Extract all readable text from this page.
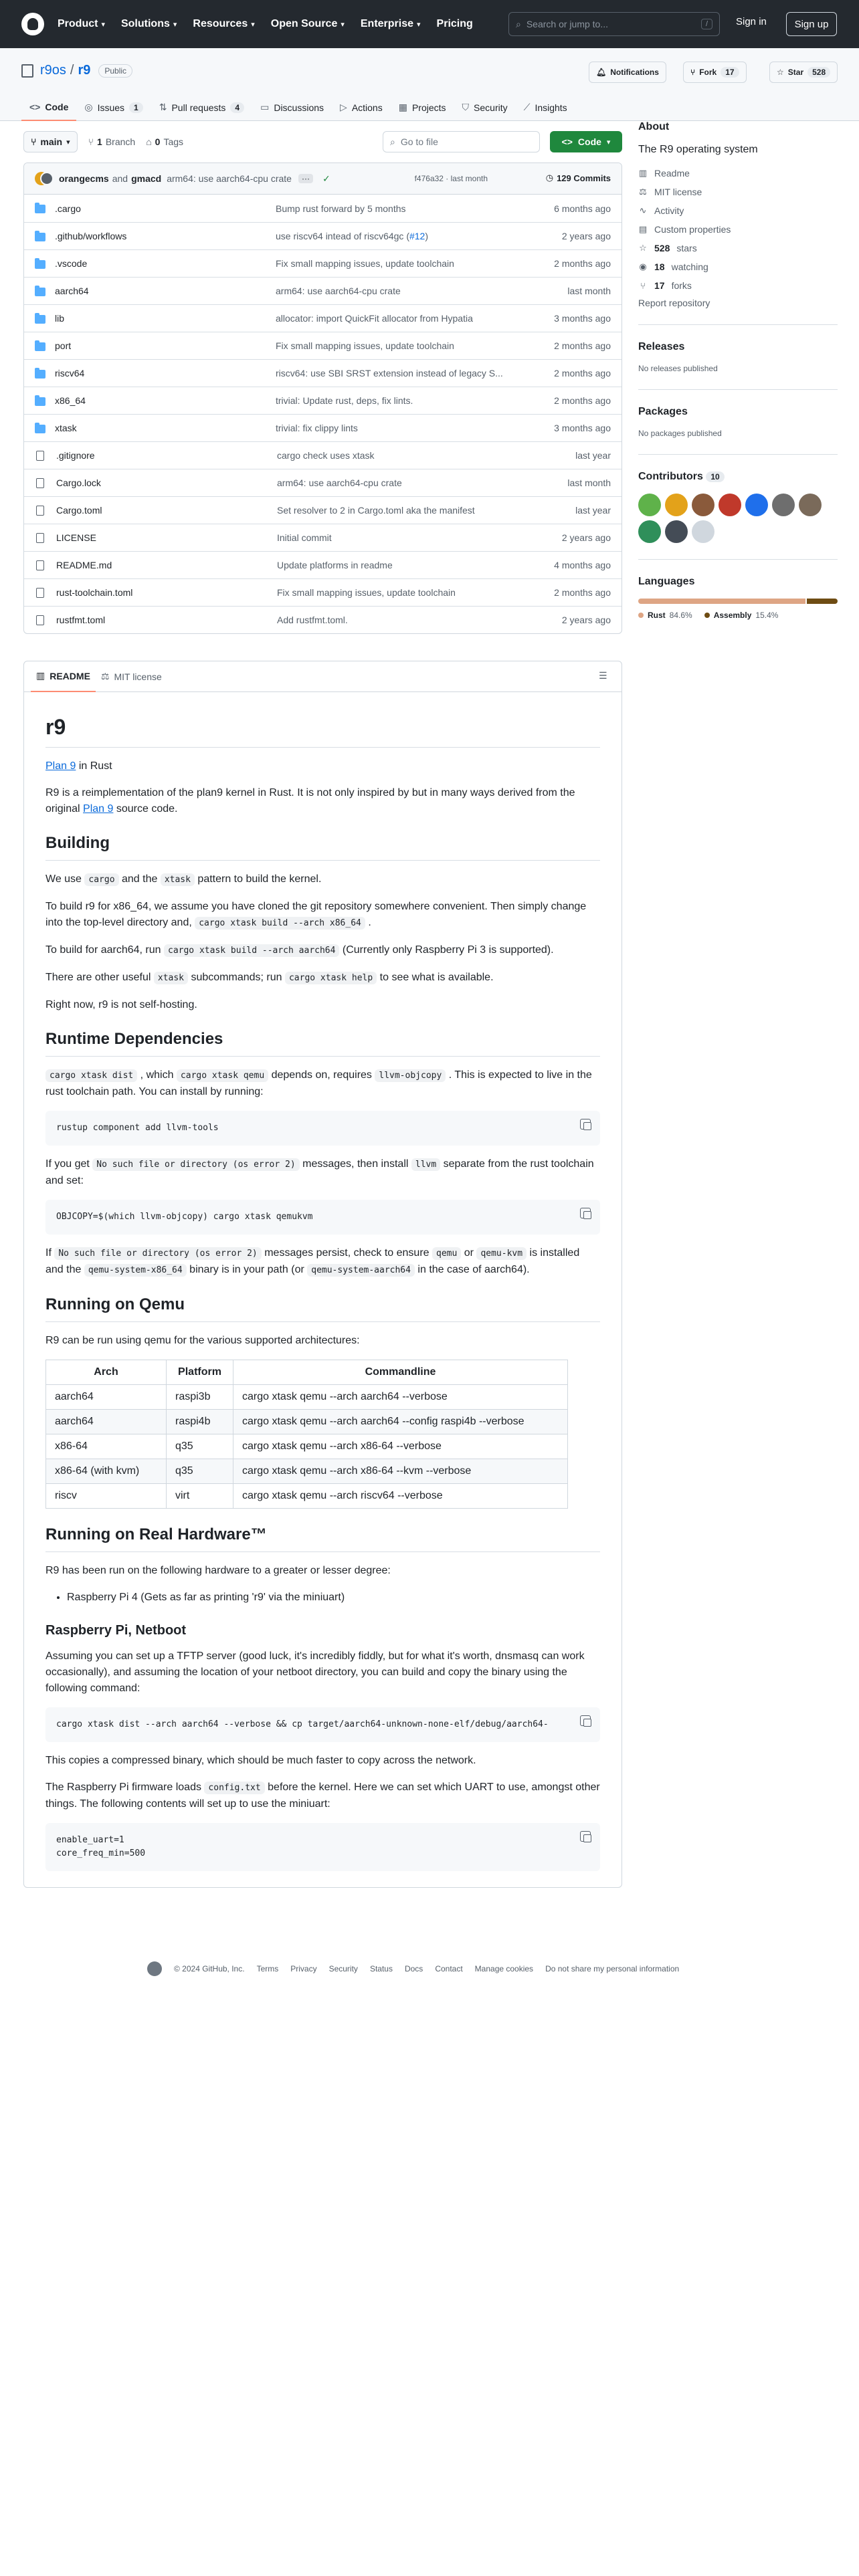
Product ▾ Solutions ▾ Resources ▾ Open Source ▾ Enterprise ▾ Pricing	⌕ Search or jump to...	/	Sign in	Sign up
r9os / r9	Public	🔔︎ Notifications	⑂ Fork	17	☆ Star	528
<> Code ◎ Issues	1	⇅ Pull requests	4	▭ Discussions ▷ Actions ▦ Projects ⛉ Security ⟋ Insights
⑂ main ▾ ⑂ 1 Branch ⌂ 0 Tags	⌕ Go to file	<> Code ▾
orangecms and gmacd arm64: use aarch64-cpu crate	···	✓	f476a32 · last month	◷ 129 Commits
.cargo	Bump rust forward by 5 months	6 months ago
.github/workflows	use riscv64 intead of riscv64gc (#12)	2 years ago
.vscode	Fix small mapping issues, update toolchain	2 months ago
aarch64	arm64: use aarch64-cpu crate	last month
lib	allocator: import QuickFit allocator from Hypatia	3 months ago
port	Fix small mapping issues, update toolchain	2 months ago
riscv64	riscv64: use SBI SRST extension instead of legacy S...	2 months ago
x86_64	trivial: Update rust, deps, fix lints.	2 months ago
xtask	trivial: fix clippy lints	3 months ago
.gitignore	cargo check uses xtask	last year
Cargo.lock	arm64: use aarch64-cpu crate	last month
Cargo.toml	Set resolver to 2 in Cargo.toml aka the manifest	last year
LICENSE	Initial commit	2 years ago
README.md	Update platforms in readme	4 months ago
rust-toolchain.toml	Fix small mapping issues, update toolchain	2 months ago
rustfmt.toml	Add rustfmt.toml.	2 years ago
▥ README ⚖ MIT license	☰
r9

Plan 9 in Rust

R9 is a reimplementation of the plan9 kernel in Rust. It is not only inspired by but in many ways derived from the original Plan 9 source code.

Building

We use cargo and the xtask pattern to build the kernel.

To build r9 for x86_64, we assume you have cloned the git repository somewhere convenient. Then simply change into the top-level directory and, cargo xtask build --arch x86_64 .

To build for aarch64, run cargo xtask build --arch aarch64 (Currently only Raspberry Pi 3 is supported).

There are other useful xtask subcommands; run cargo xtask help to see what is available.

Right now, r9 is not self-hosting.

Runtime Dependencies

cargo xtask dist , which cargo xtask qemu depends on, requires llvm-objcopy . This is expected to live in the rust toolchain path. You can install by running:

rustup component add llvm-tools

If you get No such file or directory (os error 2) messages, then install llvm separate from the rust toolchain and set:

OBJCOPY=$(which llvm-objcopy) cargo xtask qemukvm

If No such file or directory (os error 2) messages persist, check to ensure qemu or qemu-kvm is installed and the qemu-system-x86_64 binary is in your path (or qemu-system-aarch64 in the case of aarch64).

Running on Qemu

R9 can be run using qemu for the various supported architectures:

Arch	Platform	Commandline
aarch64	raspi3b	cargo xtask qemu --arch aarch64 --verbose
aarch64	raspi4b	cargo xtask qemu --arch aarch64 --config raspi4b --verbose
x86-64	q35	cargo xtask qemu --arch x86-64 --verbose
x86-64 (with kvm)	q35	cargo xtask qemu --arch x86-64 --kvm --verbose
riscv	virt	cargo xtask qemu --arch riscv64 --verbose
Running on Real Hardware™

R9 has been run on the following hardware to a greater or lesser degree:

• Raspberry Pi 4 (Gets as far as printing 'r9' via the miniuart)
Raspberry Pi, Netboot

Assuming you can set up a TFTP server (good luck, it's incredibly fiddly, but for what it's worth, dnsmasq can work occasionally), and assuming the location of your netboot directory, you can build and copy the binary using the following command:

cargo xtask dist --arch aarch64 --verbose && cp target/aarch64-unknown-none-elf/debug/aarch64-

This copies a compressed binary, which should be much faster to copy across the network.

The Raspberry Pi firmware loads config.txt before the kernel. Here we can set which UART to use, amongst other things. The following contents will set up to use the miniuart:

enable_uart=1
core_freq_min=500
About
The R9 operating system
▥ Readme
⚖ MIT license
∿ Activity
▤ Custom properties
☆ 528 stars
◉ 18 watching
⑂ 17 forks
Report repository
Releases
No releases published
Packages
No packages published
Contributors 10
Languages
Rust 84.6%	Assembly 15.4%
© 2024 GitHub, Inc. Terms Privacy Security Status Docs Contact Manage cookies Do not share my personal information
